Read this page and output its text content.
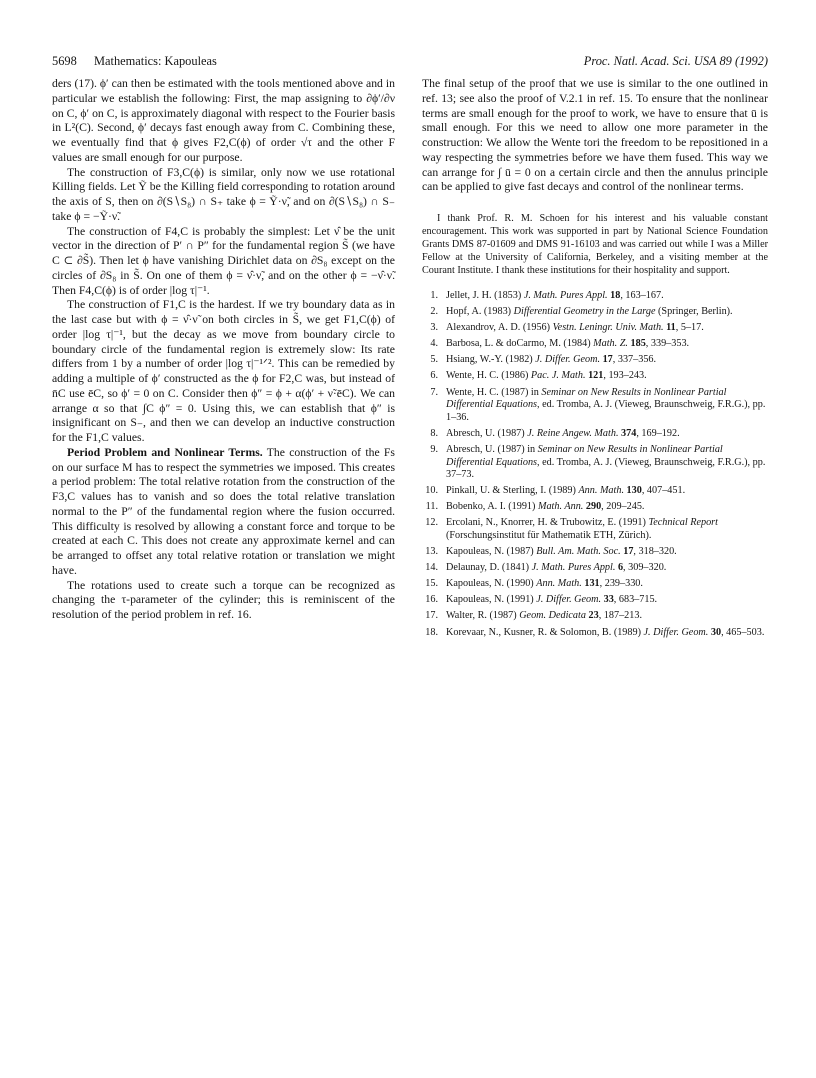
5698 Mathematics: Kapouleas	Proc. Natl. Acad. Sci. USA 89 (1992)

ders (17). ϕ′ can then be estimated with the tools mentioned above and in particular we establish the following: First, the map assigning to ∂ϕ′/∂ν on C, ϕ′ on C, is approximately diagonal with respect to the Fourier basis in L²(C). Second, ϕ′ decays fast enough away from C. Combining these, we eventually find that ϕ gives F2,C(ϕ) of order √τ and the other F values are small enough for our purpose.

The construction of F3,C(ϕ) is similar, only now we use rotational Killing fields. Let Ỹ be the Killing field corresponding to rotation around the axis of S, then on ∂(S∖S₈) ∩ S₊ take ϕ = Ỹ·ν̃, and on ∂(S∖S₈) ∩ S₋ take ϕ = −Ỹ·ν̃.

The construction of F4,C is probably the simplest: Let ν̂ be the unit vector in the direction of P′ ∩ P″ for the fundamental region S̃ (we have C ⊂ ∂S̃). Then let ϕ have vanishing Dirichlet data on ∂S₈ except on the circles of ∂S₈ in S̃. On one of them ϕ = ν̂·ν̃, and on the other ϕ = −ν̂·ν̃. Then F4,C(ϕ) is of order |log τ|⁻¹.

The construction of F1,C is the hardest. If we try boundary data as in the last case but with ϕ = ν̂·ν̃ on both circles in S̃, we get F1,C(ϕ) of order |log τ|⁻¹, but the decay as we move from boundary circle to boundary circle of the fundamental region is extremely slow: Its rate differs from 1 by a number of order |log τ|⁻¹ᐟ². This can be remedied by adding a multiple of ϕ′ constructed as the ϕ for F2,C was, but instead of n̄C use ēC, so ϕ′ = 0 on C. Consider then ϕ″ = ϕ + α(ϕ′ + ν̃·ēC). We can arrange α so that ∫C ϕ″ = 0. Using this, we can establish that ϕ″ is insignificant on S₋, and then we can develop an inductive construction for the F1,C values.

Period Problem and Nonlinear Terms. The construction of the Fs on our surface M has to respect the symmetries we imposed. This creates a period problem: The total relative rotation from the construction of the F3,C values has to vanish and so does the total relative translation normal to the P″ of the fundamental region where the fusion occurred. This difficulty is resolved by allowing a constant force and torque to be created at each C. This does not create any approximate kernel and can be arranged to offset any total relative rotation or translation we might have.

The rotations used to create such a torque can be recognized as changing the τ-parameter of the cylinder; this is reminiscent of the resolution of the period problem in ref. 16.

The final setup of the proof that we use is similar to the one outlined in ref. 13; see also the proof of V.2.1 in ref. 15. To ensure that the nonlinear terms are small enough for the proof to work, we have to ensure that ū is small enough. For this we need to allow one more parameter in the construction: We allow the Wente tori the freedom to be repositioned in a way respecting the symmetries before we have them fused. This way we can arrange for ∫ ū = 0 on a certain circle and then the annulus principle can be applied to give fast decays and control of the nonlinear terms.

I thank Prof. R. M. Schoen for his interest and his valuable constant encouragement. This work was supported in part by National Science Foundation Grants DMS 87-01609 and DMS 91-16103 and was carried out while I was a Miller Fellow at the University of California, Berkeley, and a visiting member at the Courant Institute. I thank these institutions for their hospitality and support.

1. Jellet, J. H. (1853) J. Math. Pures Appl. 18, 163–167.
2. Hopf, A. (1983) Differential Geometry in the Large (Springer, Berlin).
3. Alexandrov, A. D. (1956) Vestn. Leningr. Univ. Math. 11, 5–17.
4. Barbosa, L. & doCarmo, M. (1984) Math. Z. 185, 339–353.
5. Hsiang, W.-Y. (1982) J. Differ. Geom. 17, 337–356.
6. Wente, H. C. (1986) Pac. J. Math. 121, 193–243.
7. Wente, H. C. (1987) in Seminar on New Results in Nonlinear Partial Differential Equations, ed. Tromba, A. J. (Vieweg, Braunschweig, F.R.G.), pp. 1–36.
8. Abresch, U. (1987) J. Reine Angew. Math. 374, 169–192.
9. Abresch, U. (1987) in Seminar on New Results in Nonlinear Partial Differential Equations, ed. Tromba, A. J. (Vieweg, Braunschweig, F.R.G.), pp. 37–73.
10. Pinkall, U. & Sterling, I. (1989) Ann. Math. 130, 407–451.
11. Bobenko, A. I. (1991) Math. Ann. 290, 209–245.
12. Ercolani, N., Knorrer, H. & Trubowitz, E. (1991) Technical Report (Forschungsinstitut für Mathematik ETH, Zürich).
13. Kapouleas, N. (1987) Bull. Am. Math. Soc. 17, 318–320.
14. Delaunay, D. (1841) J. Math. Pures Appl. 6, 309–320.
15. Kapouleas, N. (1990) Ann. Math. 131, 239–330.
16. Kapouleas, N. (1991) J. Differ. Geom. 33, 683–715.
17. Walter, R. (1987) Geom. Dedicata 23, 187–213.
18. Korevaar, N., Kusner, R. & Solomon, B. (1989) J. Differ. Geom. 30, 465–503.
